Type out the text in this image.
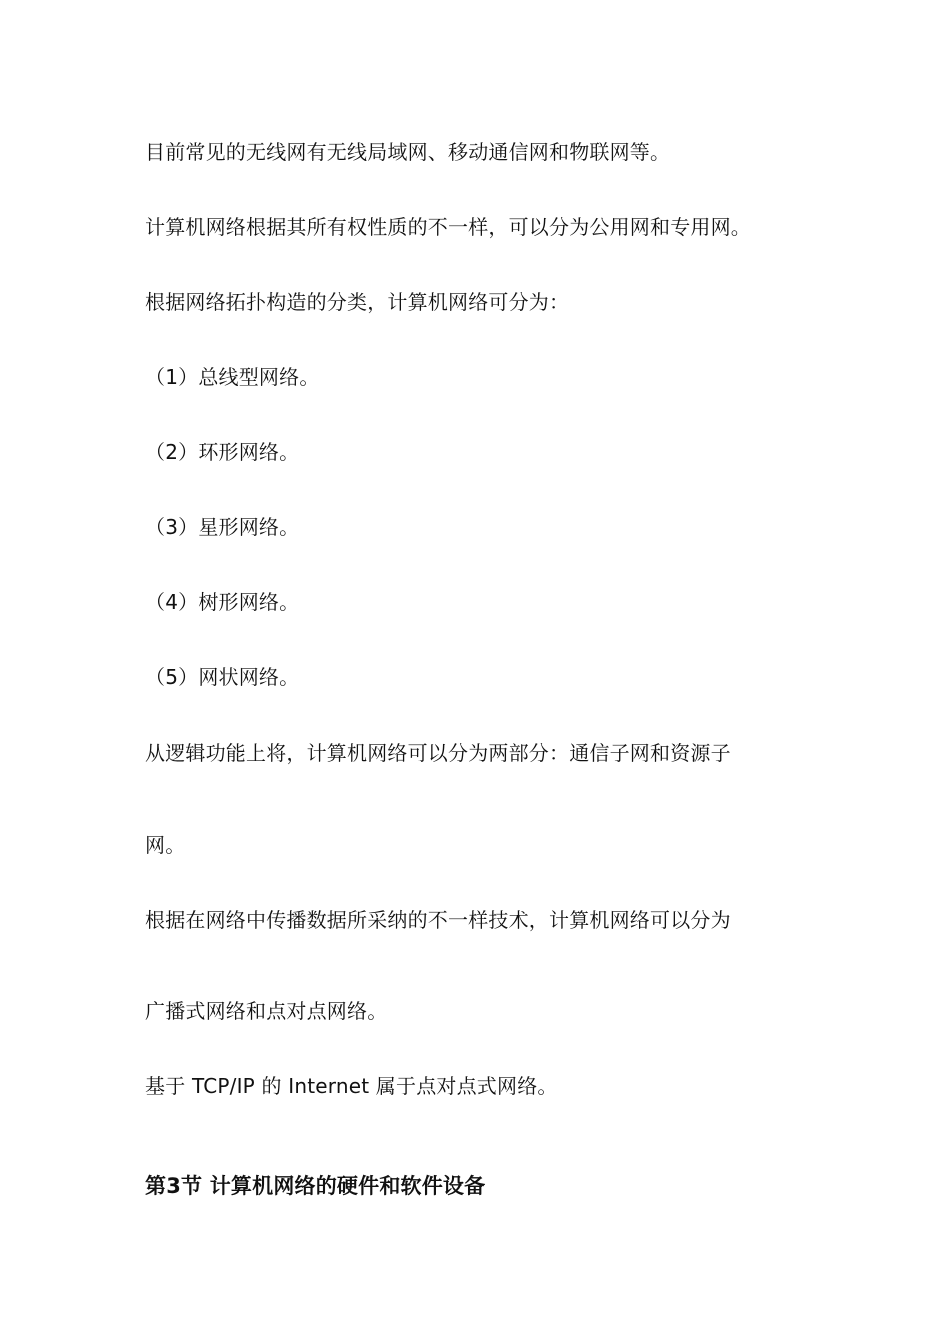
目前常见的无线网有无线局域网、移动通信网和物联网等。
计算机网络根据其所有权性质的不一样，可以分为公用网和专用网。
根据网络拓扑构造的分类，计算机网络可分为：
（1）总线型网络。
（2）环形网络。
（3）星形网络。
（4）树形网络。
（5）网状网络。
从逻辑功能上将，计算机网络可以分为两部分：通信子网和资源子
网。
根据在网络中传播数据所采纳的不一样技术，计算机网络可以分为
广播式网络和点对点网络。
基于 TCP/IP 的 Internet 属于点对点式网络。
第3节 计算机网络的硬件和软件设备
